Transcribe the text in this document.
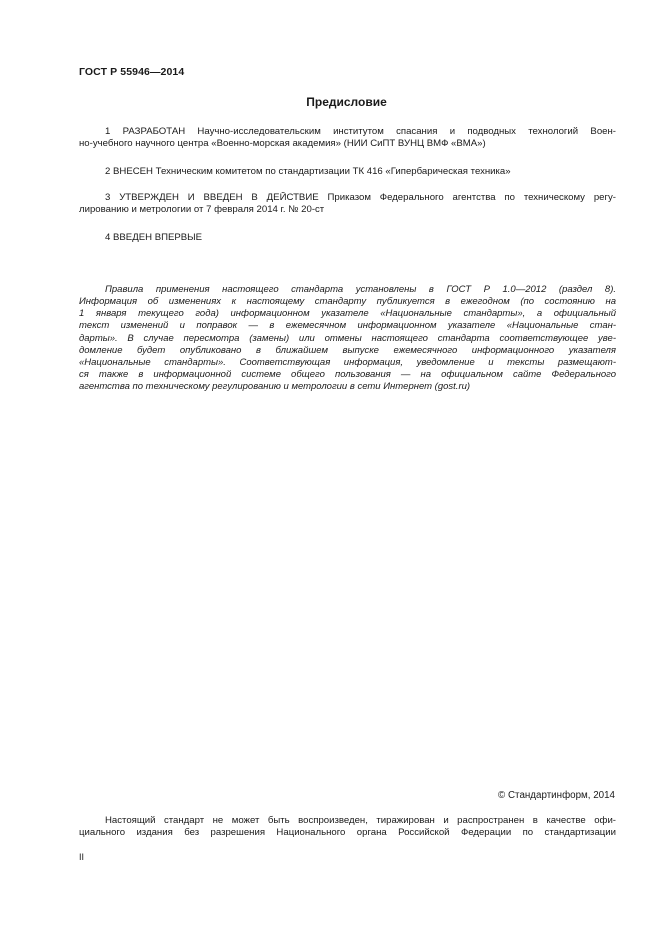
ГОСТ Р 55946—2014
Предисловие
1 РАЗРАБОТАН Научно-исследовательским институтом спасания и подводных технологий Воен-
но-учебного научного центра «Военно-морская академия» (НИИ СиПТ ВУНЦ ВМФ «ВМА»)
2 ВНЕСЕН Техническим комитетом по стандартизации ТК 416 «Гипербарическая техника»
3 УТВЕРЖДЕН И ВВЕДЕН В ДЕЙСТВИЕ Приказом Федерального агентства по техническому регу-
лированию и метрологии от 7 февраля 2014 г. № 20-ст
4 ВВЕДЕН ВПЕРВЫЕ
Правила применения настоящего стандарта установлены в ГОСТ Р 1.0—2012 (раздел 8).
Информация об изменениях к настоящему стандарту публикуется в ежегодном (по состоянию на
1 января текущего года) информационном указателе «Национальные стандарты», а официальный
текст изменений и поправок — в ежемесячном информационном указателе «Национальные стан-
дарты». В случае пересмотра (замены) или отмены настоящего стандарта соответствующее уве-
домление будет опубликовано в ближайшем выпуске ежемесячного информационного указателя
«Национальные стандарты». Соответствующая информация, уведомление и тексты размещают-
ся также в информационной системе общего пользования — на официальном сайте Федерального
агентства по техническому регулированию и метрологии в сети Интернет (gost.ru)
© Стандартинформ, 2014
Настоящий стандарт не может быть воспроизведен, тиражирован и распространен в качестве офи-
циального издания без разрешения Национального органа Российской Федерации по стандартизации
II
